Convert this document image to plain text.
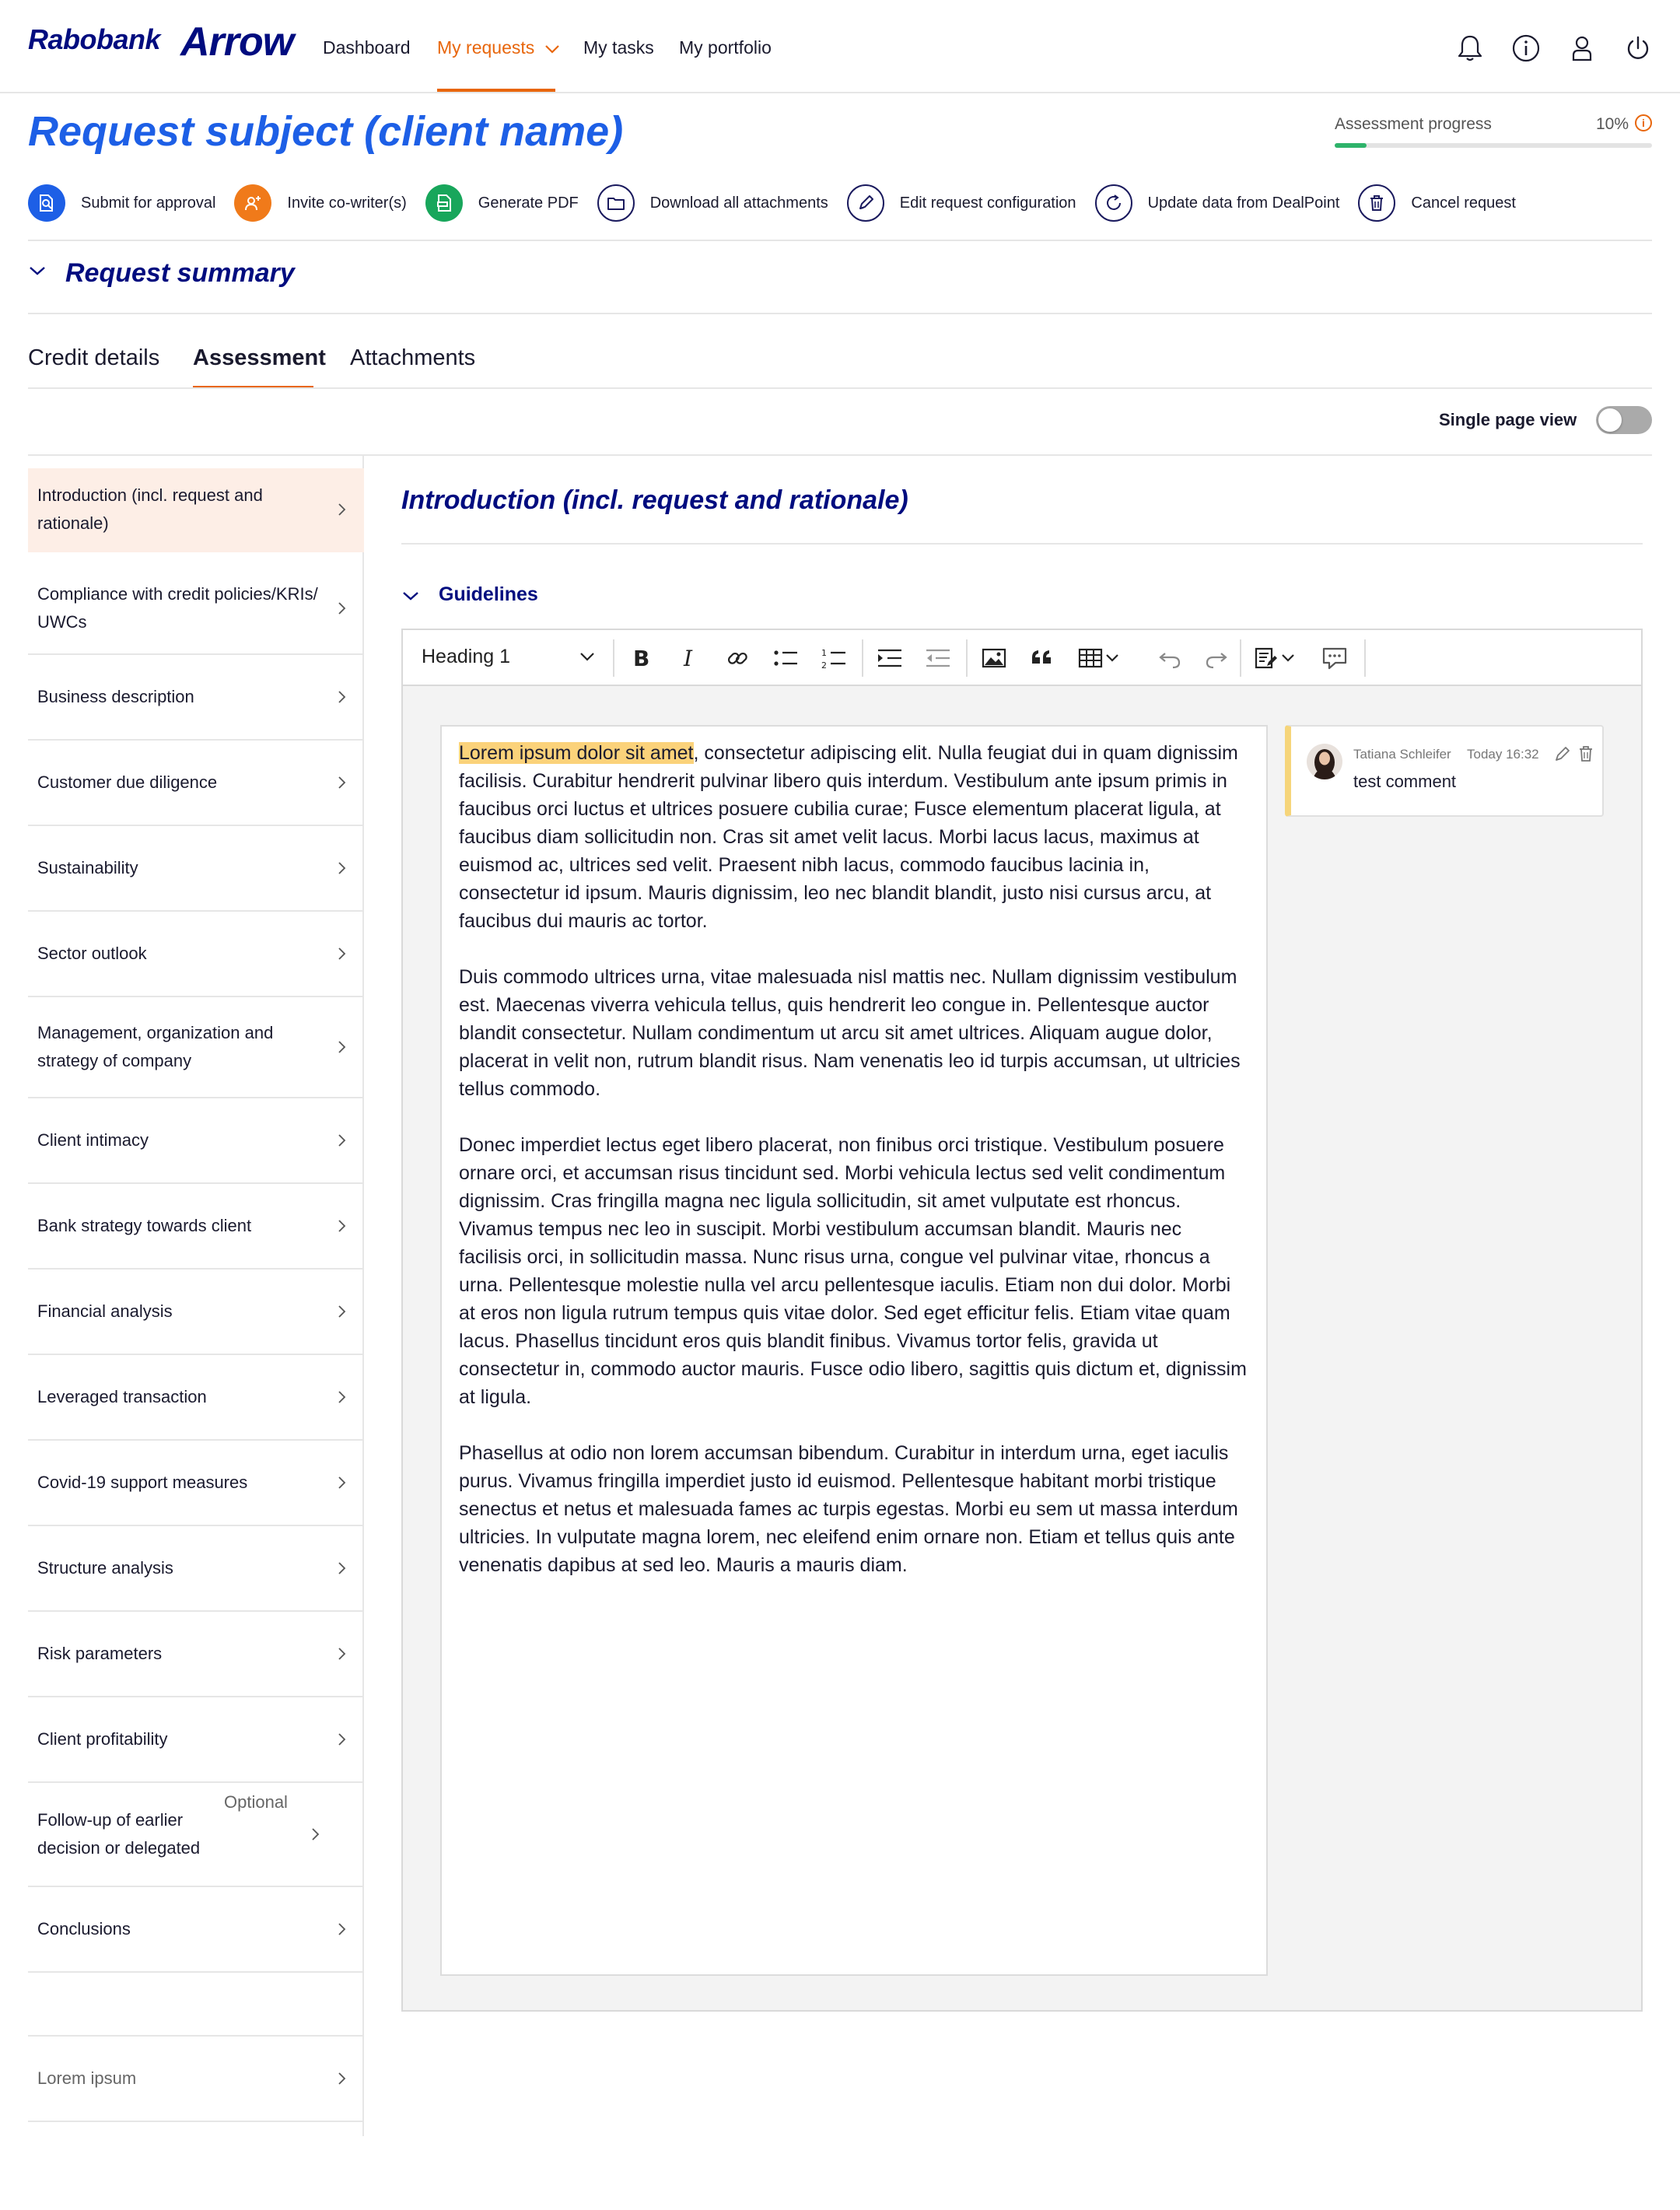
Rabobank Arrow Dashboard My requests	My tasks My portfolio
Request subject (client name)	Assessment progress	10%	i
Submit for approval	Invite co-writer(s)	Generate PDF	Download all attachments	Edit request configuration	Update data from DealPoint	Cancel request
Request summary
Credit details Assessment Attachments
Single page view
Introduction (incl. request and rationale)
Compliance with credit policies/KRIs/ UWCs
Business description
Customer due diligence
Sustainability
Sector outlook
Management, organization and strategy of company
Client intimacy
Bank strategy towards client
Financial analysis
Leveraged transaction
Covid-19 support measures
Structure analysis
Risk parameters
Client profitability
Follow-up of earlier decision or delegated
Optional
Conclusions
Lorem ipsum
Introduction (incl. request and rationale)
Guidelines
Heading 1	B I	1
2

Lorem ipsum dolor sit amet, consectetur adipiscing elit. Nulla feugiat dui in quam dignissim facilisis. Curabitur hendrerit pulvinar libero quis interdum. Vestibulum ante ipsum primis in faucibus orci luctus et ultrices posuere cubilia curae; Fusce elementum placerat ligula, at faucibus diam sollicitudin non. Cras sit amet velit lacus. Morbi lacus lacus, maximus at euismod ac, ultrices sed velit. Praesent nibh lacus, commodo faucibus lacinia in, consectetur id ipsum. Mauris dignissim, leo nec blandit blandit, justo nisi cursus arcu, at faucibus dui mauris ac tortor.

Duis commodo ultrices urna, vitae malesuada nisl mattis nec. Nullam dignissim vestibulum est. Maecenas viverra vehicula tellus, quis hendrerit leo congue in. Pellentesque auctor blandit consectetur. Nullam condimentum ut arcu sit amet ultrices. Aliquam augue dolor, placerat in velit non, rutrum blandit risus. Nam venenatis leo id turpis accumsan, ut ultricies tellus commodo.

Donec imperdiet lectus eget libero placerat, non finibus orci tristique. Vestibulum posuere ornare orci, et accumsan risus tincidunt sed. Morbi vehicula lectus sed velit condimentum dignissim. Cras fringilla magna nec ligula sollicitudin, sit amet vulputate est rhoncus. Vivamus tempus nec leo in suscipit. Morbi vestibulum accumsan blandit. Mauris nec facilisis orci, in sollicitudin massa. Nunc risus urna, congue vel pulvinar vitae, rhoncus a urna. Pellentesque molestie nulla vel arcu pellentesque iaculis. Etiam non dui dolor. Morbi at eros non ligula rutrum tempus quis vitae dolor. Sed eget efficitur felis. Etiam vitae quam lacus. Phasellus tincidunt eros quis blandit finibus. Vivamus tortor felis, gravida ut consectetur in, commodo auctor mauris. Fusce odio libero, sagittis quis dictum et, dignissim at ligula.

Phasellus at odio non lorem accumsan bibendum. Curabitur in interdum urna, eget iaculis purus. Vivamus fringilla imperdiet justo id euismod. Pellentesque habitant morbi tristique senectus et netus et malesuada fames ac turpis egestas. Morbi eu sem ut massa interdum ultricies. In vulputate magna lorem, nec eleifend enim ornare non. Etiam et tellus quis ante venenatis dapibus at sed leo. Mauris a mauris diam.

Tatiana Schleifer Today 16:32
test comment
